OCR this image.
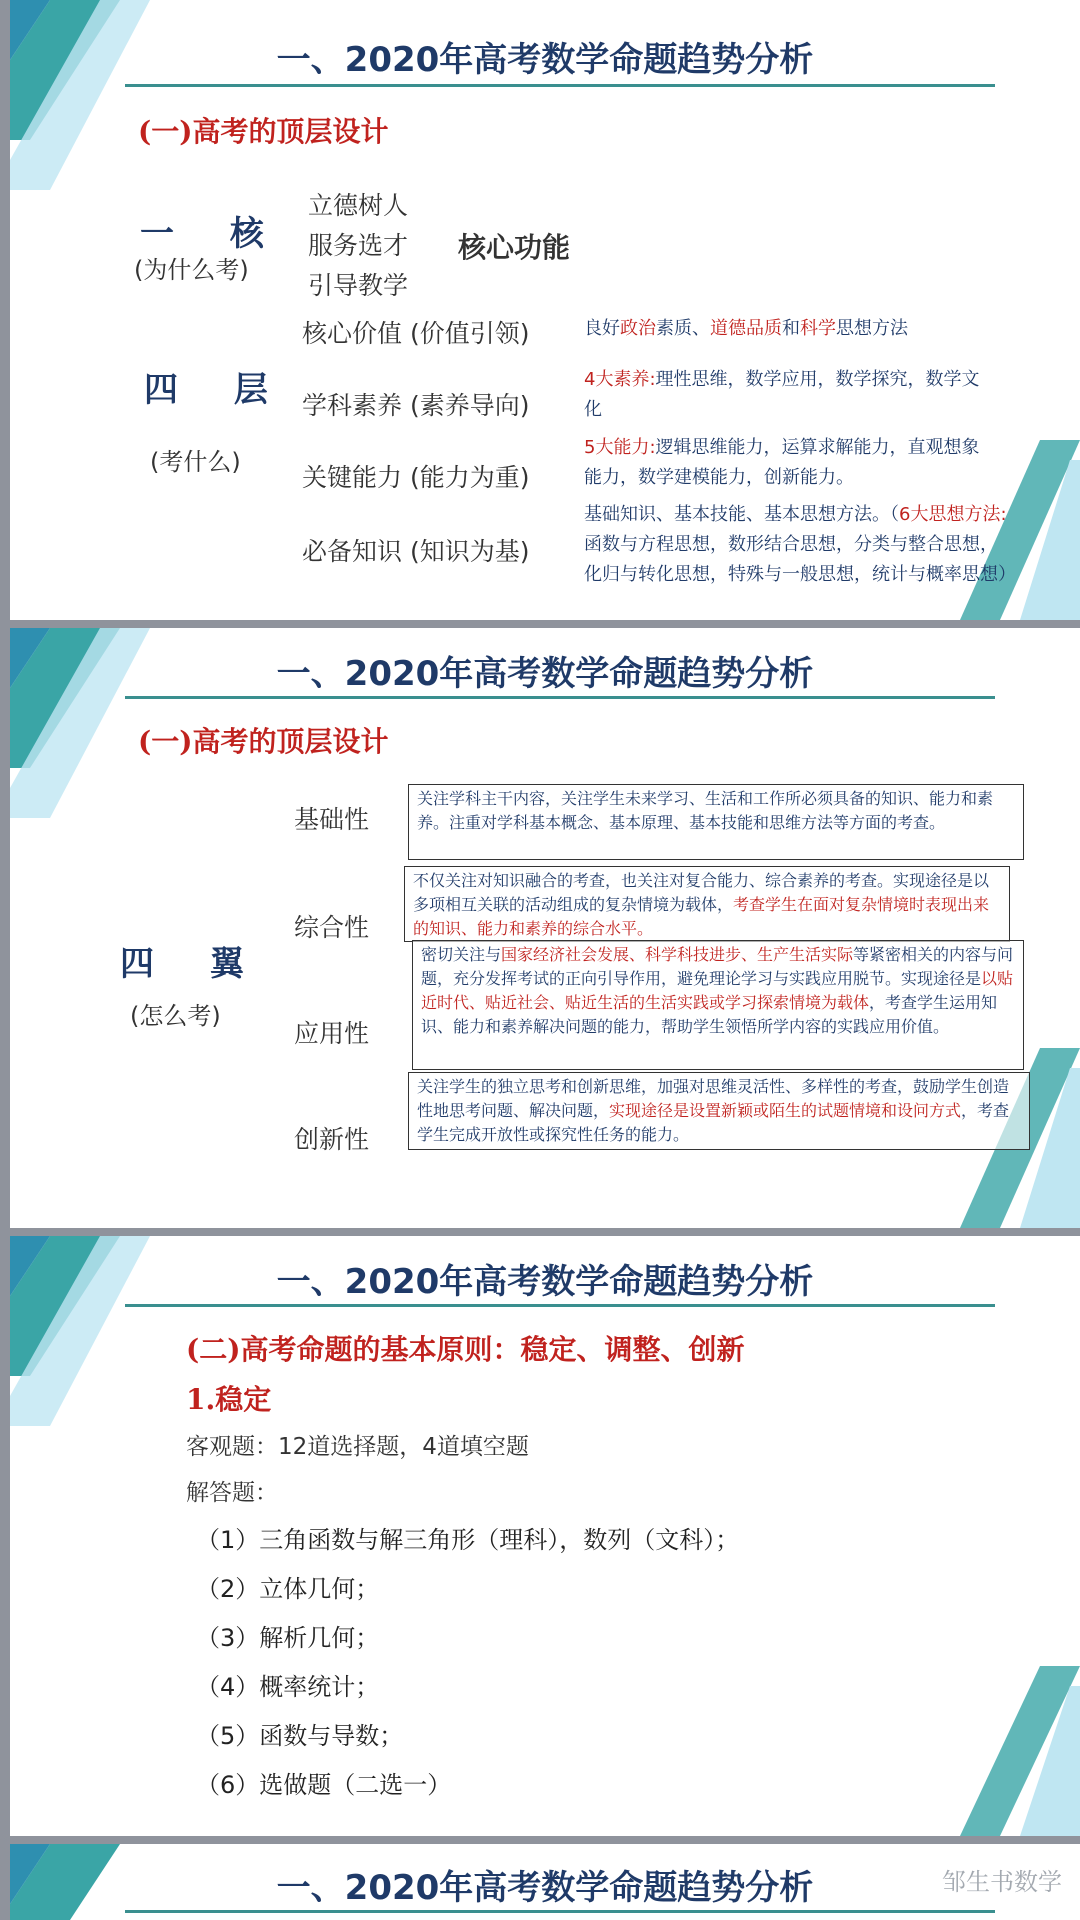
一、2020年高考数学命题趋势分析
(一)高考的顶层设计
一 核
(为什么考)
立德树人
服务选才
引导教学
核心功能
四 层
(考什么)
核心价值 (价值引领)
学科素养 (素养导向)
关键能力 (能力为重)
必备知识 (知识为基)
良好政治素质、道德品质和科学思想方法
4大素养:理性思维，数学应用，数学探究，数学文化
5大能力:逻辑思维能力，运算求解能力，直观想象能力，数学建模能力，创新能力。
基础知识、基本技能、基本思想方法。（6大思想方法:函数与方程思想，数形结合思想，分类与整合思想，化归与转化思想，特殊与一般思想，统计与概率思想）
一、2020年高考数学命题趋势分析
(一)高考的顶层设计
四 翼
(怎么考)
基础性
综合性
应用性
创新性
关注学科主干内容，关注学生未来学习、生活和工作所必须具备的知识、能力和素养。注重对学科基本概念、基本原理、基本技能和思维方法等方面的考查。
不仅关注对知识融合的考查，也关注对复合能力、综合素养的考查。实现途径是以多项相互关联的活动组成的复杂情境为载体，考查学生在面对复杂情境时表现出来的知识、能力和素养的综合水平。
密切关注与国家经济社会发展、科学科技进步、生产生活实际等紧密相关的内容与问题，充分发挥考试的正向引导作用，避免理论学习与实践应用脱节。实现途径是以贴近时代、贴近社会、贴近生活的生活实践或学习探索情境为载体，考查学生运用知识、能力和素养解决问题的能力，帮助学生领悟所学内容的实践应用价值。
关注学生的独立思考和创新思维，加强对思维灵活性、多样性的考查，鼓励学生创造性地思考问题、解决问题，实现途径是设置新颖或陌生的试题情境和设问方式，考查学生完成开放性或探究性任务的能力。
一、2020年高考数学命题趋势分析
(二)高考命题的基本原则：稳定、调整、创新
1.稳定
客观题：12道选择题，4道填空题
解答题：
（1）三角函数与解三角形（理科），数列（文科）；
（2）立体几何；
（3）解析几何；
（4）概率统计；
（5）函数与导数；
（6）选做题（二选一）
一、2020年高考数学命题趋势分析	邹生书数学
